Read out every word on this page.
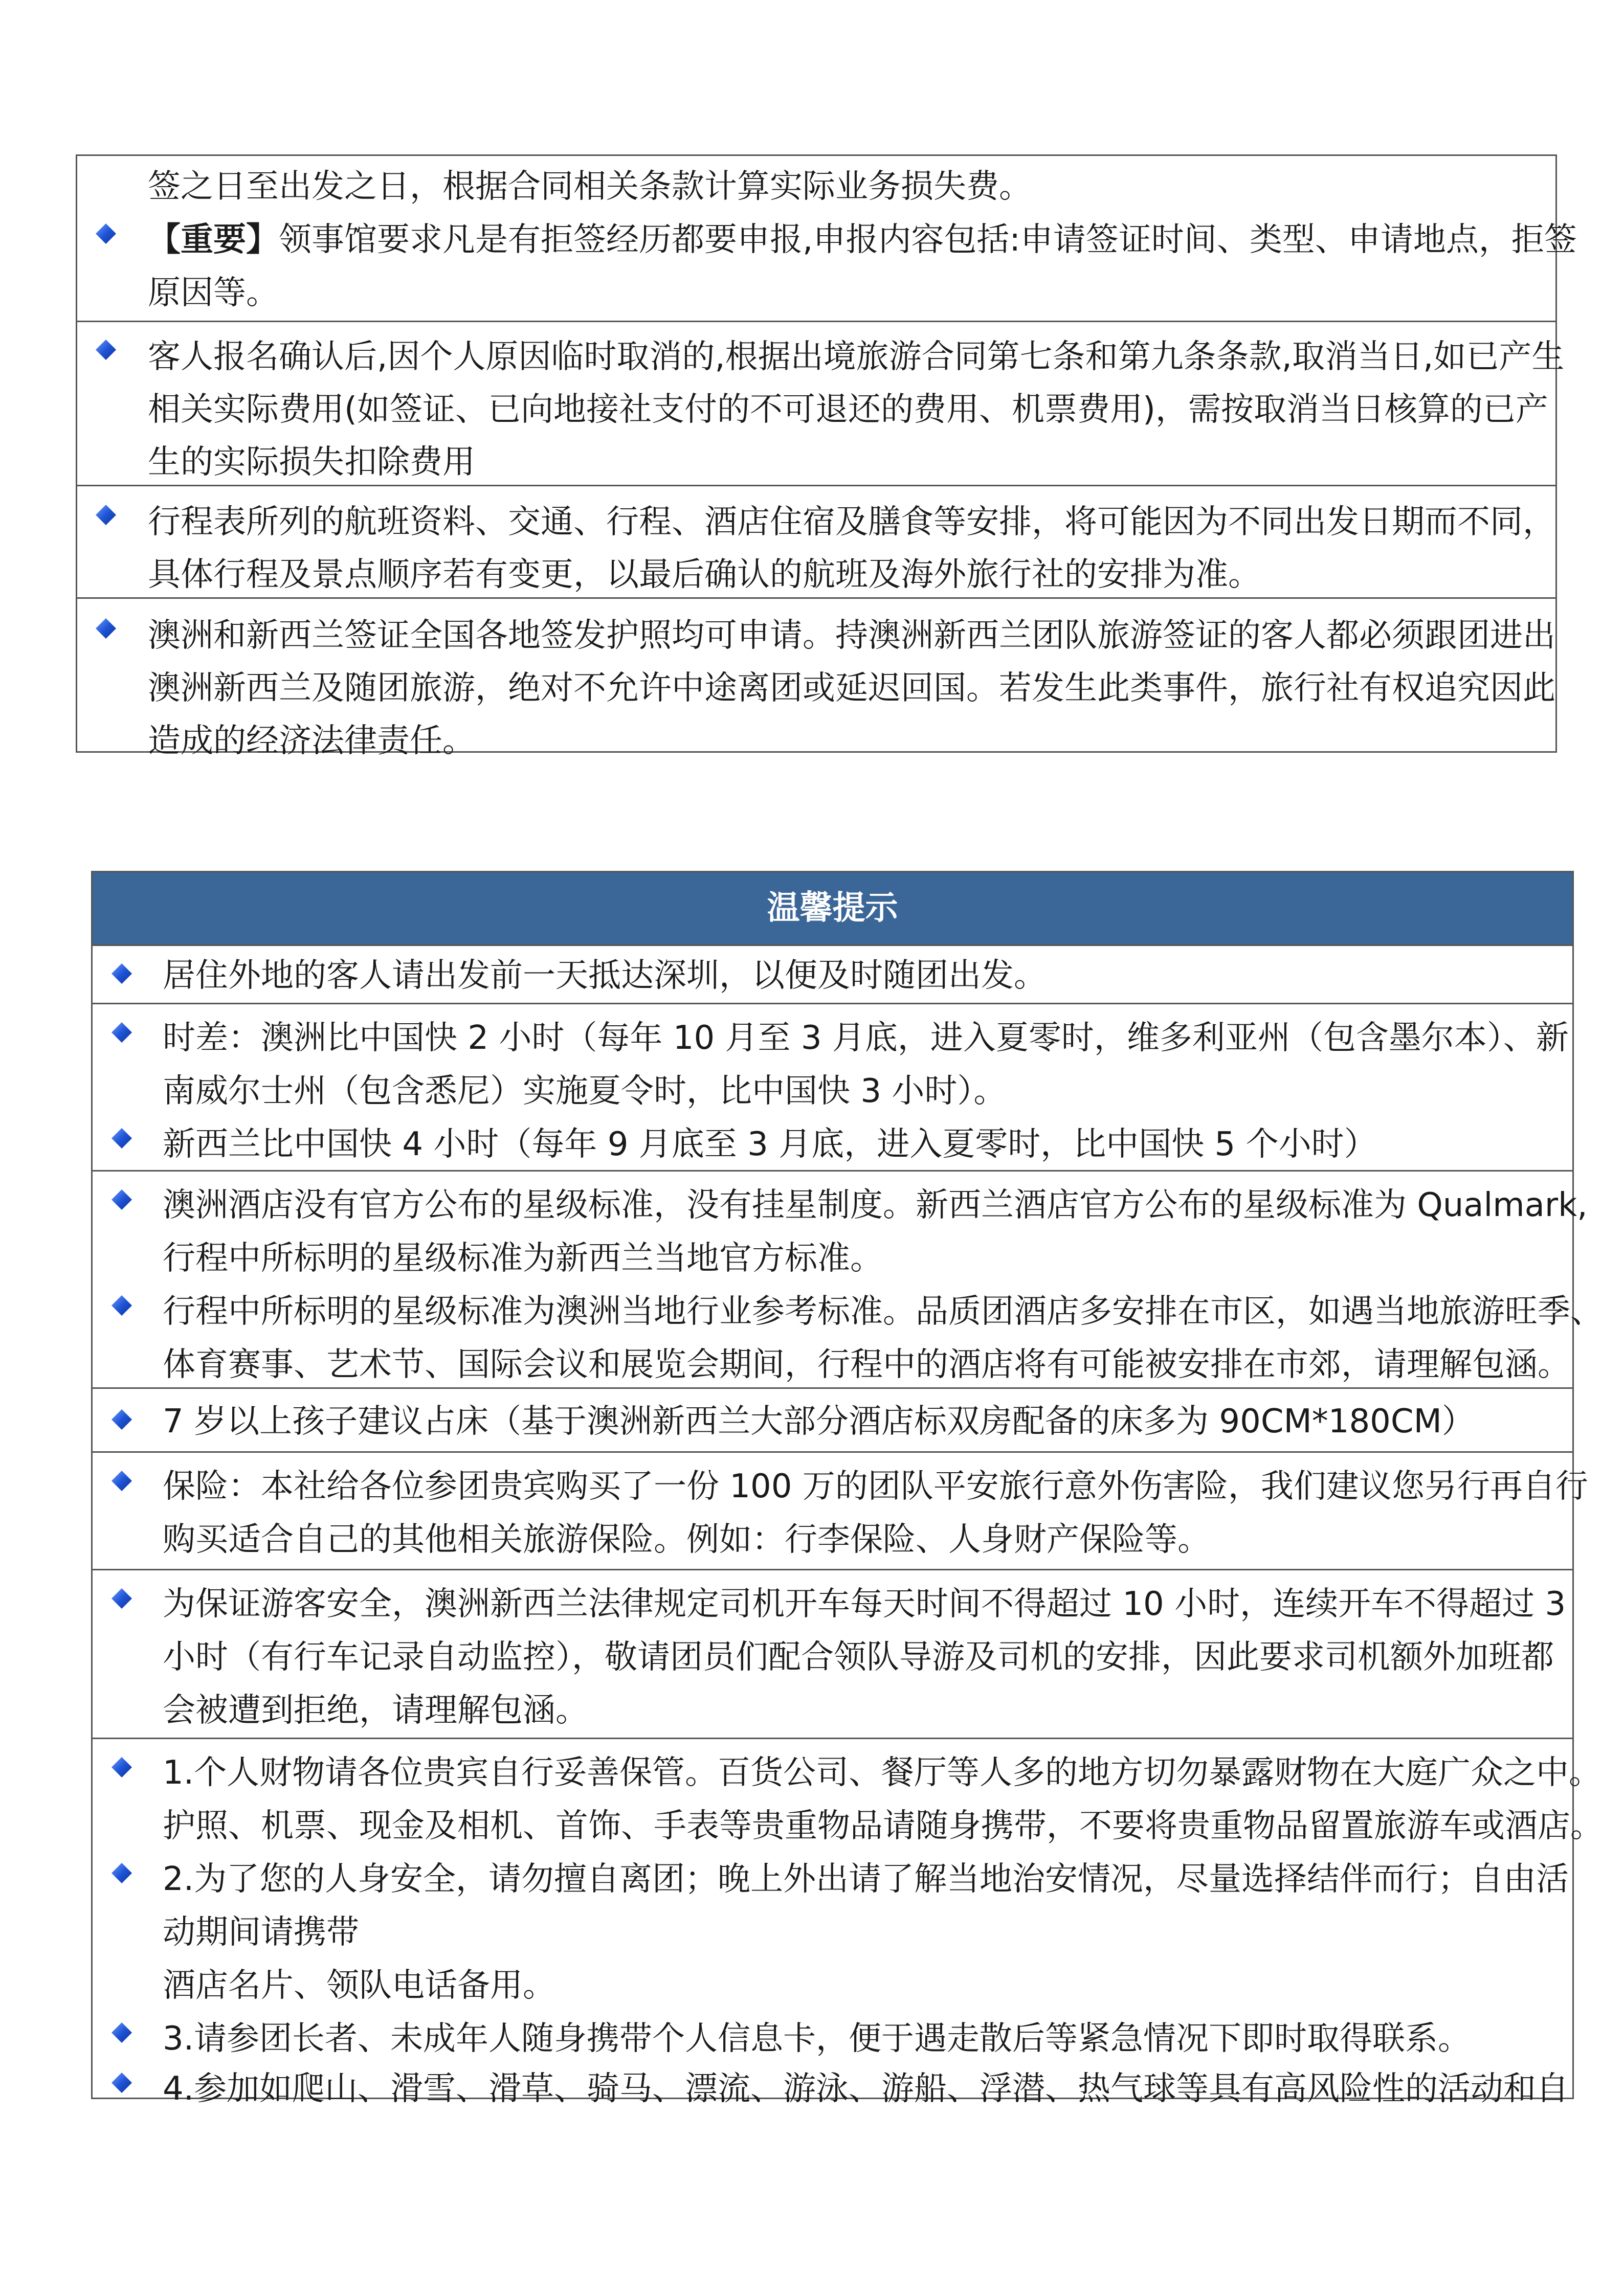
签之日至出发之日，根据合同相关条款计算实际业务损失费。
【重要】领事馆要求凡是有拒签经历都要申报,申报内容包括:申请签证时间、类型、申请地点，拒签
原因等。
客人报名确认后,因个人原因临时取消的,根据出境旅游合同第七条和第九条条款,取消当日,如已产生
相关实际费用(如签证、已向地接社支付的不可退还的费用、机票费用)，需按取消当日核算的已产
生的实际损失扣除费用
行程表所列的航班资料、交通、行程、酒店住宿及膳食等安排，将可能因为不同出发日期而不同，
具体行程及景点顺序若有变更，以最后确认的航班及海外旅行社的安排为准。
澳洲和新西兰签证全国各地签发护照均可申请。持澳洲新西兰团队旅游签证的客人都必须跟团进出
澳洲新西兰及随团旅游，绝对不允许中途离团或延迟回国。若发生此类事件，旅行社有权追究因此
造成的经济法律责任。
温馨提示
居住外地的客人请出发前一天抵达深圳，以便及时随团出发。
时差：澳洲比中国快 2 小时（每年 10 月至 3 月底，进入夏零时，维多利亚州（包含墨尔本）、新
南威尔士州（包含悉尼）实施夏令时，比中国快 3 小时）。
新西兰比中国快 4 小时（每年 9 月底至 3 月底，进入夏零时，比中国快 5 个小时）
澳洲酒店没有官方公布的星级标准，没有挂星制度。新西兰酒店官方公布的星级标准为 Qualmark,
行程中所标明的星级标准为新西兰当地官方标准。
行程中所标明的星级标准为澳洲当地行业参考标准。品质团酒店多安排在市区，如遇当地旅游旺季、
体育赛事、艺术节、国际会议和展览会期间，行程中的酒店将有可能被安排在市郊，请理解包涵。
7 岁以上孩子建议占床（基于澳洲新西兰大部分酒店标双房配备的床多为 90CM*180CM）
保险：本社给各位参团贵宾购买了一份 100 万的团队平安旅行意外伤害险，我们建议您另行再自行
购买适合自己的其他相关旅游保险。例如：行李保险、人身财产保险等。
为保证游客安全，澳洲新西兰法律规定司机开车每天时间不得超过 10 小时，连续开车不得超过 3
小时（有行车记录自动监控），敬请团员们配合领队导游及司机的安排，因此要求司机额外加班都
会被遭到拒绝，请理解包涵。
1.个人财物请各位贵宾自行妥善保管。百货公司、餐厅等人多的地方切勿暴露财物在大庭广众之中。
护照、机票、现金及相机、首饰、手表等贵重物品请随身携带，不要将贵重物品留置旅游车或酒店。
2.为了您的人身安全，请勿擅自离团；晚上外出请了解当地治安情况，尽量选择结伴而行；自由活
动期间请携带
酒店名片、领队电话备用。
3.请参团长者、未成年人随身携带个人信息卡，便于遇走散后等紧急情况下即时取得联系。
4.参加如爬山、滑雪、滑草、骑马、漂流、游泳、游船、浮潜、热气球等具有高风险性的活动和自
